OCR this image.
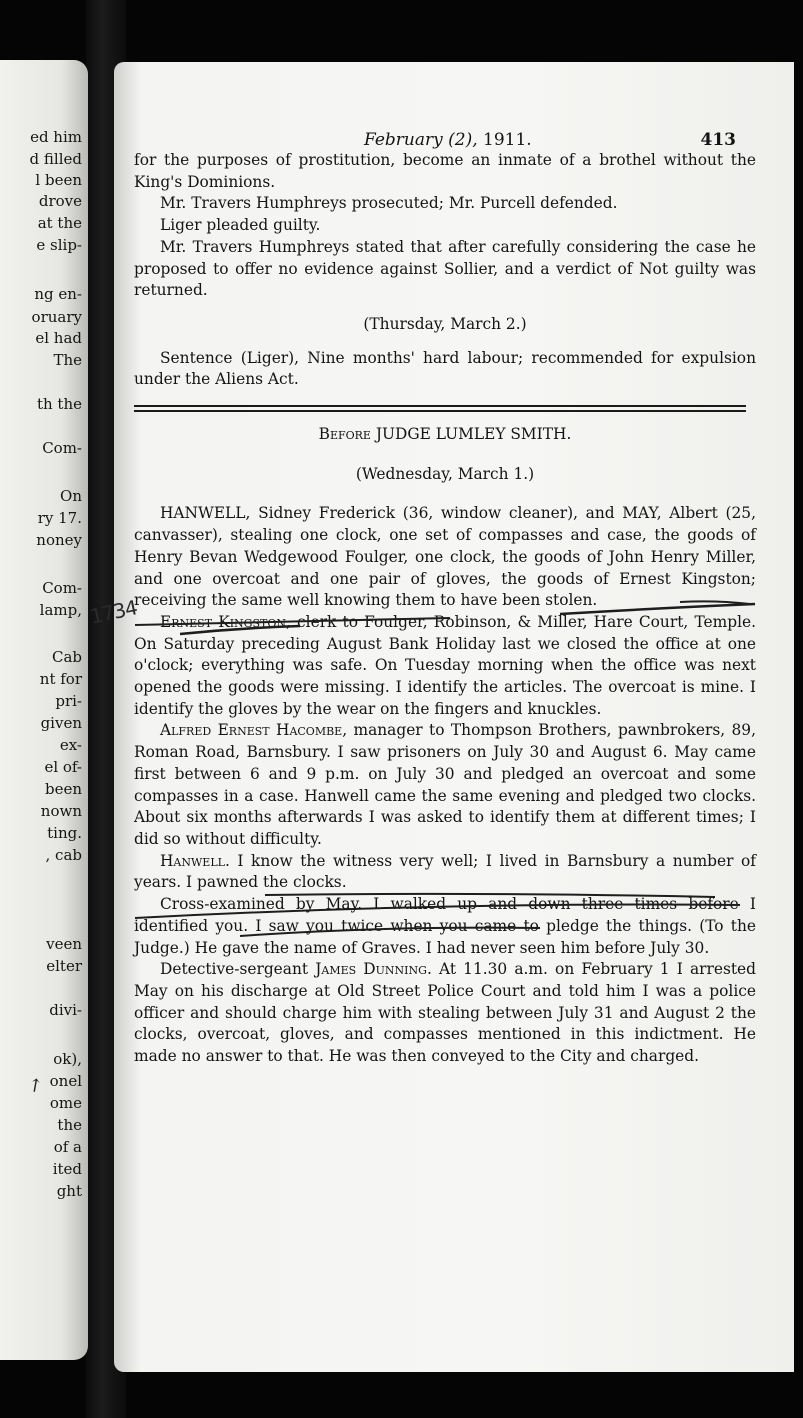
ed him

d filled

l been

drove

at the

e slip-

ng en-

oruary

el had

The

th the

Com-

On

ry 17.

noney

Com-

lamp,

Cab

nt for

pri-

given

ex-

el of-

been

nown

ting.

, cab

veen

elter

divi-

ok),

onel

ome

the

of a

ited

ght

February (2), 1911.	413

for the purposes of prostitution, become an inmate of a brothel without the King's Dominions.

Mr. Travers Humphreys prosecuted; Mr. Purcell defended.

Liger pleaded guilty.

Mr. Travers Humphreys stated that after carefully considering the case he proposed to offer no evidence against Sollier, and a verdict of Not guilty was returned.

(Thursday, March 2.)

Sentence (Liger), Nine months' hard labour; recommended for expulsion under the Aliens Act.

Before JUDGE LUMLEY SMITH.

(Wednesday, March 1.)

HANWELL, Sidney Frederick (36, window cleaner), and MAY, Albert (25, canvasser), stealing one clock, one set of compasses and case, the goods of Henry Bevan Wedgewood Foulger, one clock, the goods of John Henry Miller, and one overcoat and one pair of gloves, the goods of Ernest Kingston; receiving the same well knowing them to have been stolen.

Ernest Kingston, clerk to Foulger, Robinson, & Miller, Hare Court, Temple. On Saturday preceding August Bank Holiday last we closed the office at one o'clock; everything was safe. On Tuesday morning when the office was next opened the goods were missing. I identify the articles. The overcoat is mine. I identify the gloves by the wear on the fingers and knuckles.

Alfred Ernest Hacombe, manager to Thompson Brothers, pawnbrokers, 89, Roman Road, Barnsbury. I saw prisoners on July 30 and August 6. May came first between 6 and 9 p.m. on July 30 and pledged an overcoat and some compasses in a case. Hanwell came the same evening and pledged two clocks. About six months afterwards I was asked to identify them at different times; I did so without difficulty.

Hanwell. I know the witness very well; I lived in Barnsbury a number of years. I pawned the clocks.

Cross-examined by May. I walked up and down three times before I identified you. I saw you twice when you came to pledge the things. (To the Judge.) He gave the name of Graves. I had never seen him before July 30.

Detective-sergeant James Dunning. At 11.30 a.m. on February 1 I arrested May on his discharge at Old Street Police Court and told him I was a police officer and should charge him with stealing between July 31 and August 2 the clocks, overcoat, gloves, and compasses mentioned in this indictment. He made no answer to that. He was then conveyed to the City and charged.

1734
↗
